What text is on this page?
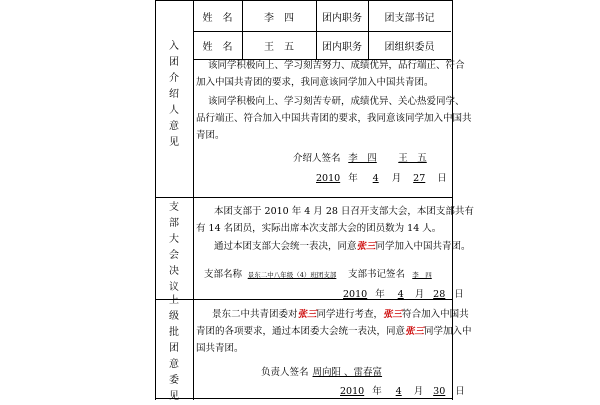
姓　名	李　四	团内职务	团支部书记
姓　名	王　五	团内职务	团组织委员
入
团
介
绍
人
意
见
该同学积极向上、学习刻苦努力、成绩优异，品行端正、符合
加入中国共青团的要求，我同意该同学加入中国共青团。
该同学积极向上、学习刻苦专研，成绩优异、关心热爱同学、
品行端正、符合加入中国共青团的要求，我同意该同学加入中国共
青团。
介绍人签名 李　四 王　五
2010 年 4 月 27 日
支
部
大
会
决
议
本团支部于 2010 年 4 月 28 日召开支部大会，本团支部共有
有 14 名团员，实际出席本次支部大会的团员数为 14 人。
通过本团支部大会统一表决，同意张三同学加入中国共青团。
支部名称 景东二中八年级（4）班团支部 支部书记签名 李　四
2010 年 4 月 28 日
上
级
批
团
意
委
见
景东二中共青团委对张三同学进行考查，张三符合加入中国共
青团的各项要求，通过本团委大会统一表决，同意张三同学加入中
国共青团。
负责人签名 周向阳 、雷春富
2010 年 4 月 30 日
